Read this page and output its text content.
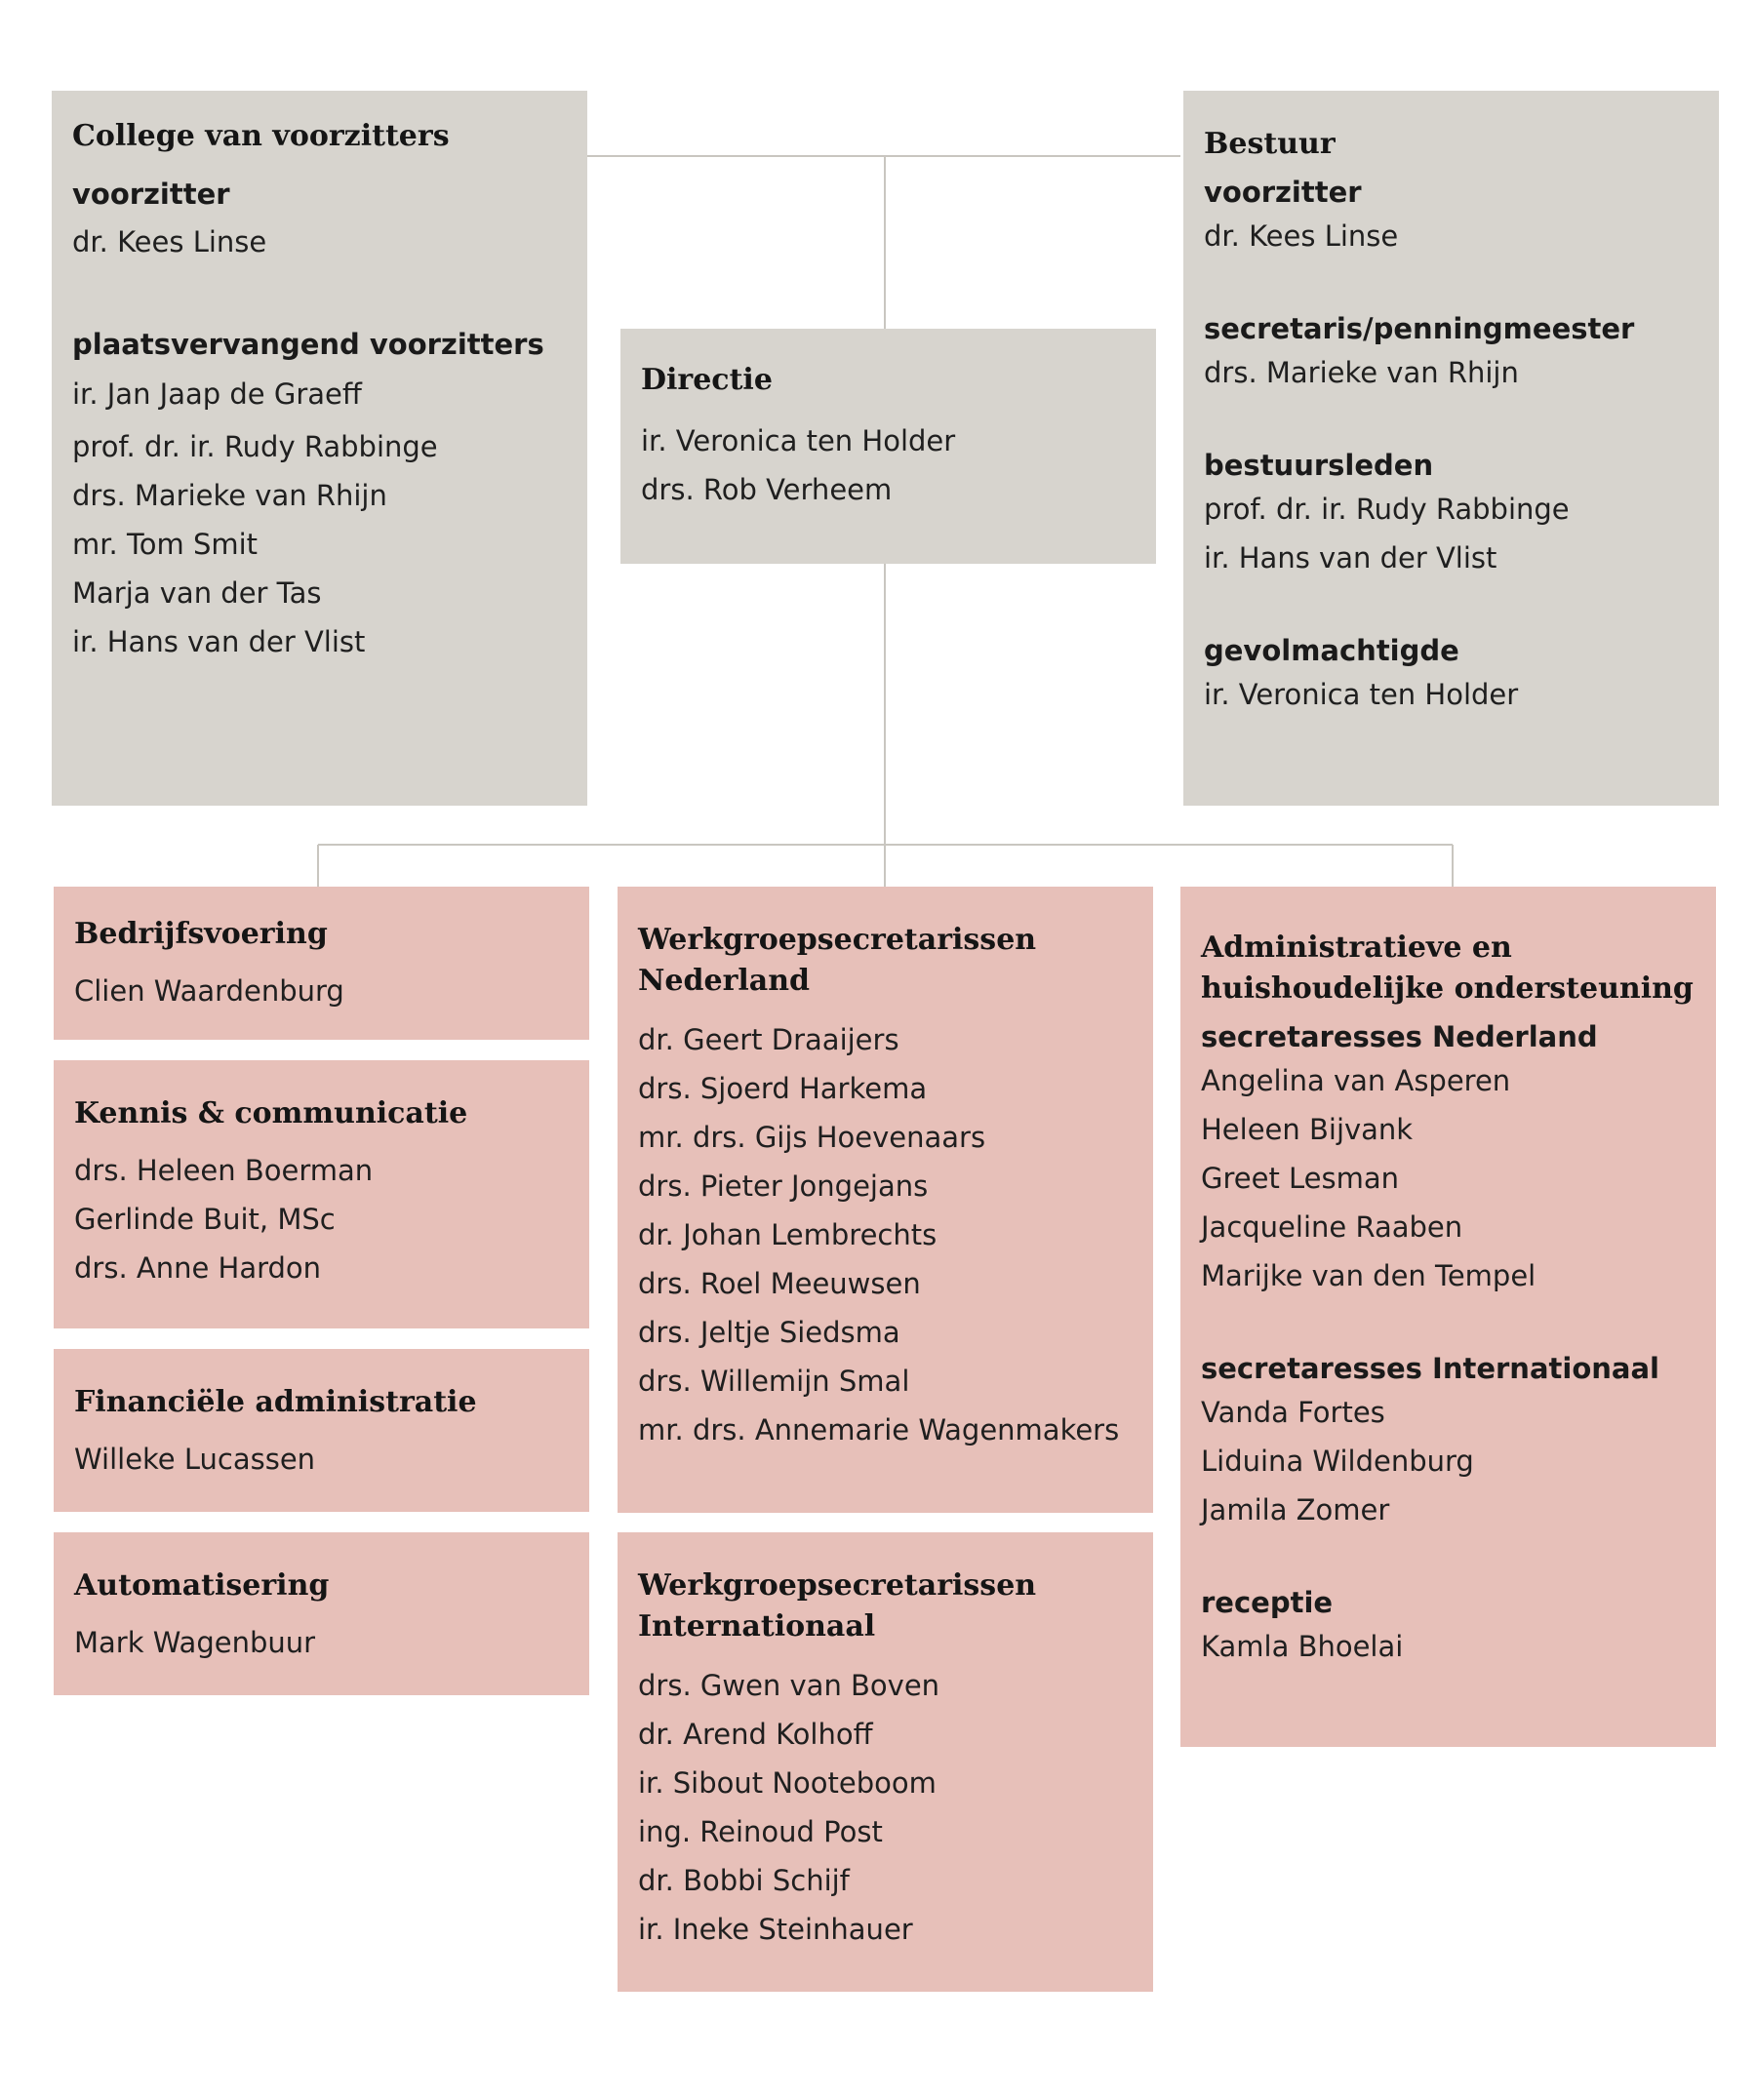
College van voorzitters
voorzitter
dr. Kees Linse
plaatsvervangend voorzitters
ir. Jan Jaap de Graeff
prof. dr. ir. Rudy Rabbinge
drs. Marieke van Rhijn
mr. Tom Smit
Marja van der Tas
ir. Hans van der Vlist
Directie
ir. Veronica ten Holder
drs. Rob Verheem
Bestuur
voorzitter
dr. Kees Linse
secretaris/penningmeester
drs. Marieke van Rhijn
bestuursleden
prof. dr. ir. Rudy Rabbinge
ir. Hans van der Vlist
gevolmachtigde
ir. Veronica ten Holder
Bedrijfsvoering
Clien Waardenburg
Kennis & communicatie
drs. Heleen Boerman
Gerlinde Buit, MSc
drs. Anne Hardon
Financiële administratie
Willeke Lucassen
Automatisering
Mark Wagenbuur
Werkgroepsecretarissen
Nederland
dr. Geert Draaijers
drs. Sjoerd Harkema
mr. drs. Gijs Hoevenaars
drs. Pieter Jongejans
dr. Johan Lembrechts
drs. Roel Meeuwsen
drs. Jeltje Siedsma
drs. Willemijn Smal
mr. drs. Annemarie Wagenmakers
Werkgroepsecretarissen
Internationaal
drs. Gwen van Boven
dr. Arend Kolhoff
ir. Sibout Nooteboom
ing. Reinoud Post
dr. Bobbi Schijf
ir. Ineke Steinhauer
Administratieve en
huishoudelijke ondersteuning
secretaresses Nederland
Angelina van Asperen
Heleen Bijvank
Greet Lesman
Jacqueline Raaben
Marijke van den Tempel
secretaresses Internationaal
Vanda Fortes
Liduina Wildenburg
Jamila Zomer
receptie
Kamla Bhoelai
